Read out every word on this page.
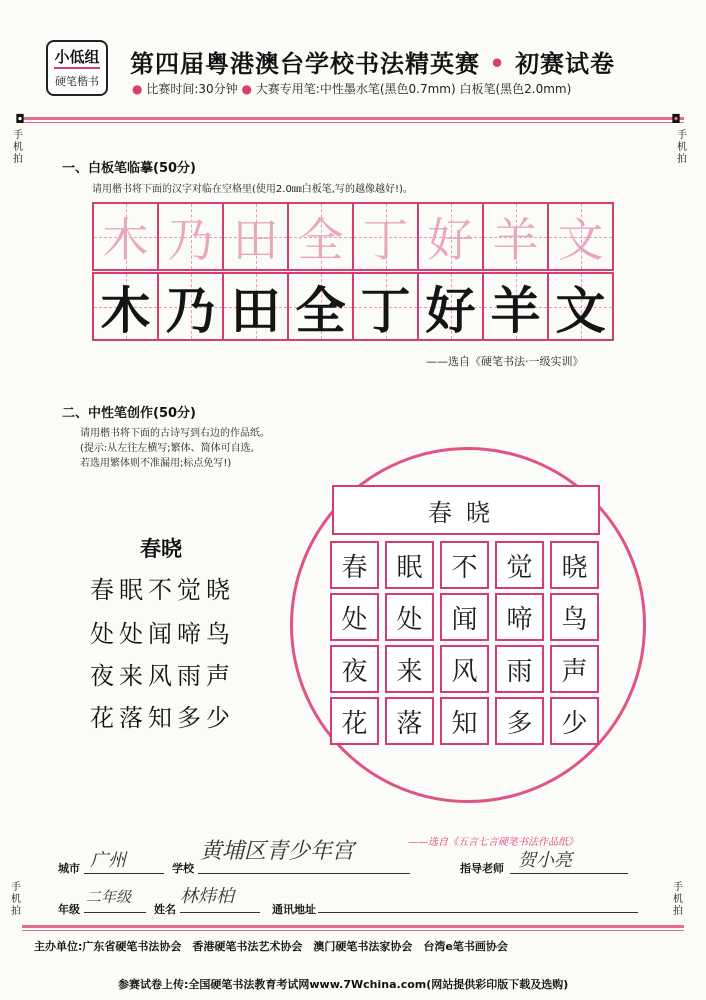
小低组
硬笔楷书
第四届粤港澳台学校书法精英赛 • 初赛试卷
● 比赛时间:30分钟 ● 大赛专用笔:中性墨水笔(黑色0.7mm) 白板笔(黑色2.0mm)
◘
手机拍
◘
手机拍
手机拍
手机拍
一、白板笔临摹(50分)
请用楷书将下面的汉字对临在空格里(使用2.0㎜白板笔,写的越像越好!)。
木 乃 田 全 丁 好 羊 文
木 乃 田 全 丁 好 羊 文
——选自《硬笔书法·一级实训》
二、中性笔创作(50分)
请用楷书将下面的古诗写到右边的作品纸。
(提示:从左往左横写;繁体、简体可自选,
若选用繁体则不准漏用;标点免写!)
春晓
春眠不觉晓
处处闻啼鸟
夜来风雨声
花落知多少
春晓
春 眠 不 觉 晓
处 处 闻 啼 鸟
夜 来 风 雨 声
花 落 知 多 少
——选自《五言七言硬笔书法作品纸》
城市 广州	学校
黄埔区青少年宫
指导老师 贺小亮
年级
二年级
姓名
林炜柏
通讯地址
主办单位:广东省硬笔书法协会　香港硬笔书法艺术协会　澳门硬笔书法家协会　台湾e笔书画协会
参赛试卷上传:全国硬笔书法教育考试网www.7Wchina.com(网站提供彩印版下载及选购)
